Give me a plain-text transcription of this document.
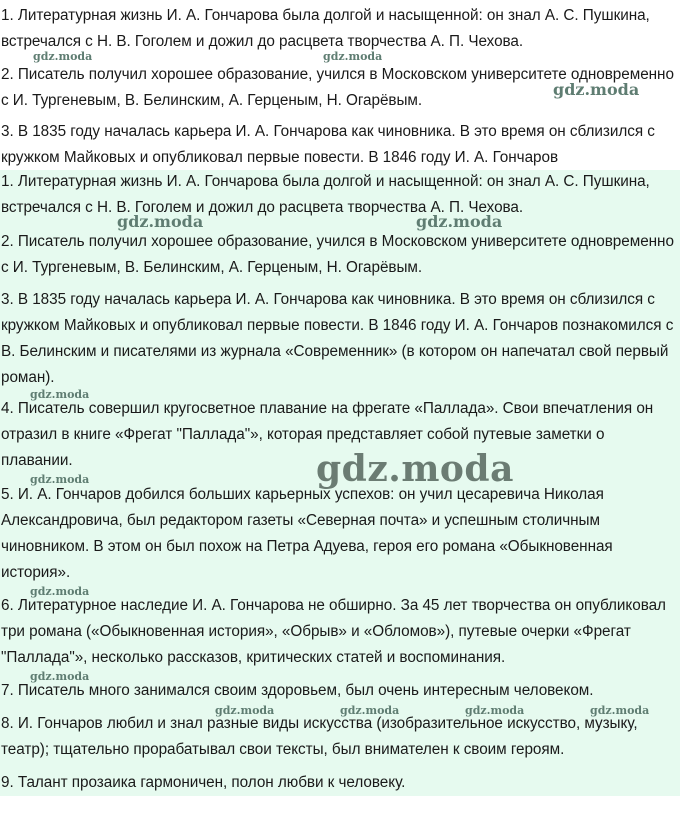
1. Литературная жизнь И. А. Гончарова была долгой и насыщенной: он знал А. С. Пушкина, встречался с Н. В. Гоголем и дожил до расцвета творчества А. П. Чехова.

2. Писатель получил хорошее образование, учился в Московском университете одновременно с И. Тургеневым, В. Белинским, А. Герценым, Н. Огарёвым.

3. В 1835 году началась карьера И. А. Гончарова как чиновника. В это время он сблизился с кружком Майковых и опубликовал первые повести. В 1846 году И. А. Гончаров

1. Литературная жизнь И. А. Гончарова была долгой и насыщенной: он знал А. С. Пушкина, встречался с Н. В. Гоголем и дожил до расцвета творчества А. П. Чехова.

2. Писатель получил хорошее образование, учился в Московском университете одновременно с И. Тургеневым, В. Белинским, А. Герценым, Н. Огарёвым.

3. В 1835 году началась карьера И. А. Гончарова как чиновника. В это время он сблизился с кружком Майковых и опубликовал первые повести. В 1846 году И. А. Гончаров познакомился с В. Белинским и писателями из журнала «Современник» (в котором он напечатал свой первый роман).

4. Писатель совершил кругосветное плавание на фрегате «Паллада». Свои впечатления он отразил в книге «Фрегат "Паллада"», которая представляет собой путевые заметки о плавании.

5. И. А. Гончаров добился больших карьерных успехов: он учил цесаревича Николая Александровича, был редактором газеты «Северная почта» и успешным столичным чиновником. В этом он был похож на Петра Адуева, героя его романа «Обыкновенная история».

6. Литературное наследие И. А. Гончарова не обширно. За 45 лет творчества он опубликовал три романа («Обыкновенная история», «Обрыв» и «Обломов»), путевые очерки «Фрегат "Паллада"», несколько рассказов, критических статей и воспоминания.

7. Писатель много занимался своим здоровьем, был очень интересным человеком.

8. И. Гончаров любил и знал разные виды искусства (изобразительное искусство, музыку, театр); тщательно прорабатывал свои тексты, был внимателен к своим героям.

9. Талант прозаика гармоничен, полон любви к человеку.

gdz.moda	gdz.moda
gdz.moda
gdz.moda	gdz.moda
gdz.moda
gdz.moda
gdz.moda
gdz.moda
gdz.moda
gdz.moda	gdz.moda	gdz.moda	gdz.moda
